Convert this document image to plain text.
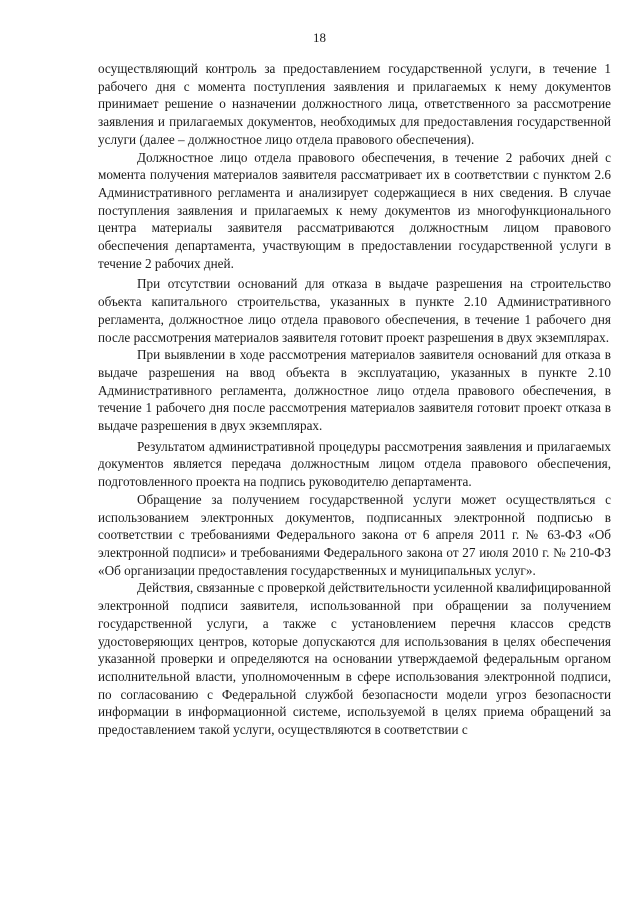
18

осуществляющий контроль за предоставлением государственной услуги, в течение 1 рабочего дня с момента поступления заявления и прилагаемых к нему документов принимает решение о назначении должностного лица, ответственного за рассмотрение заявления и прилагаемых документов, необходимых для предоставления государственной услуги (далее – должностное лицо отдела правового обеспечения).

Должностное лицо отдела правового обеспечения, в течение 2 рабочих дней с момента получения материалов заявителя рассматривает их в соответствии с пунктом 2.6 Административного регламента и анализирует содержащиеся в них сведения. В случае поступления заявления и прилагаемых к нему документов из многофункционального центра материалы заявителя рассматриваются должностным лицом правового обеспечения департамента, участвующим в предоставлении государственной услуги в течение 2 рабочих дней.

При отсутствии оснований для отказа в выдаче разрешения на строительство объекта капитального строительства, указанных в пункте 2.10 Административного регламента, должностное лицо отдела правового обеспечения, в течение 1 рабочего дня после рассмотрения материалов заявителя готовит проект разрешения в двух экземплярах.

При выявлении в ходе рассмотрения материалов заявителя оснований для отказа в выдаче разрешения на ввод объекта в эксплуатацию, указанных в пункте 2.10 Административного регламента, должностное лицо отдела правового обеспечения, в течение 1 рабочего дня после рассмотрения материалов заявителя готовит проект отказа в выдаче разрешения в двух экземплярах.

Результатом административной процедуры рассмотрения заявления и прилагаемых документов является передача должностным лицом отдела правового обеспечения, подготовленного проекта на подпись руководителю департамента.

Обращение за получением государственной услуги может осуществляться с использованием электронных документов, подписанных электронной подписью в соответствии с требованиями Федерального закона от 6 апреля 2011 г. № 63-ФЗ «Об электронной подписи» и требованиями Федерального закона от 27 июля 2010 г. № 210-ФЗ «Об организации предоставления государственных и муниципальных услуг».

Действия, связанные с проверкой действительности усиленной квалифицированной электронной подписи заявителя, использованной при обращении за получением государственной услуги, а также с установлением перечня классов средств удостоверяющих центров, которые допускаются для использования в целях обеспечения указанной проверки и определяются на основании утверждаемой федеральным органом исполнительной власти, уполномоченным в сфере использования электронной подписи, по согласованию с Федеральной службой безопасности модели угроз безопасности информации в информационной системе, используемой в целях приема обращений за предоставлением такой услуги, осуществляются в соответствии с
